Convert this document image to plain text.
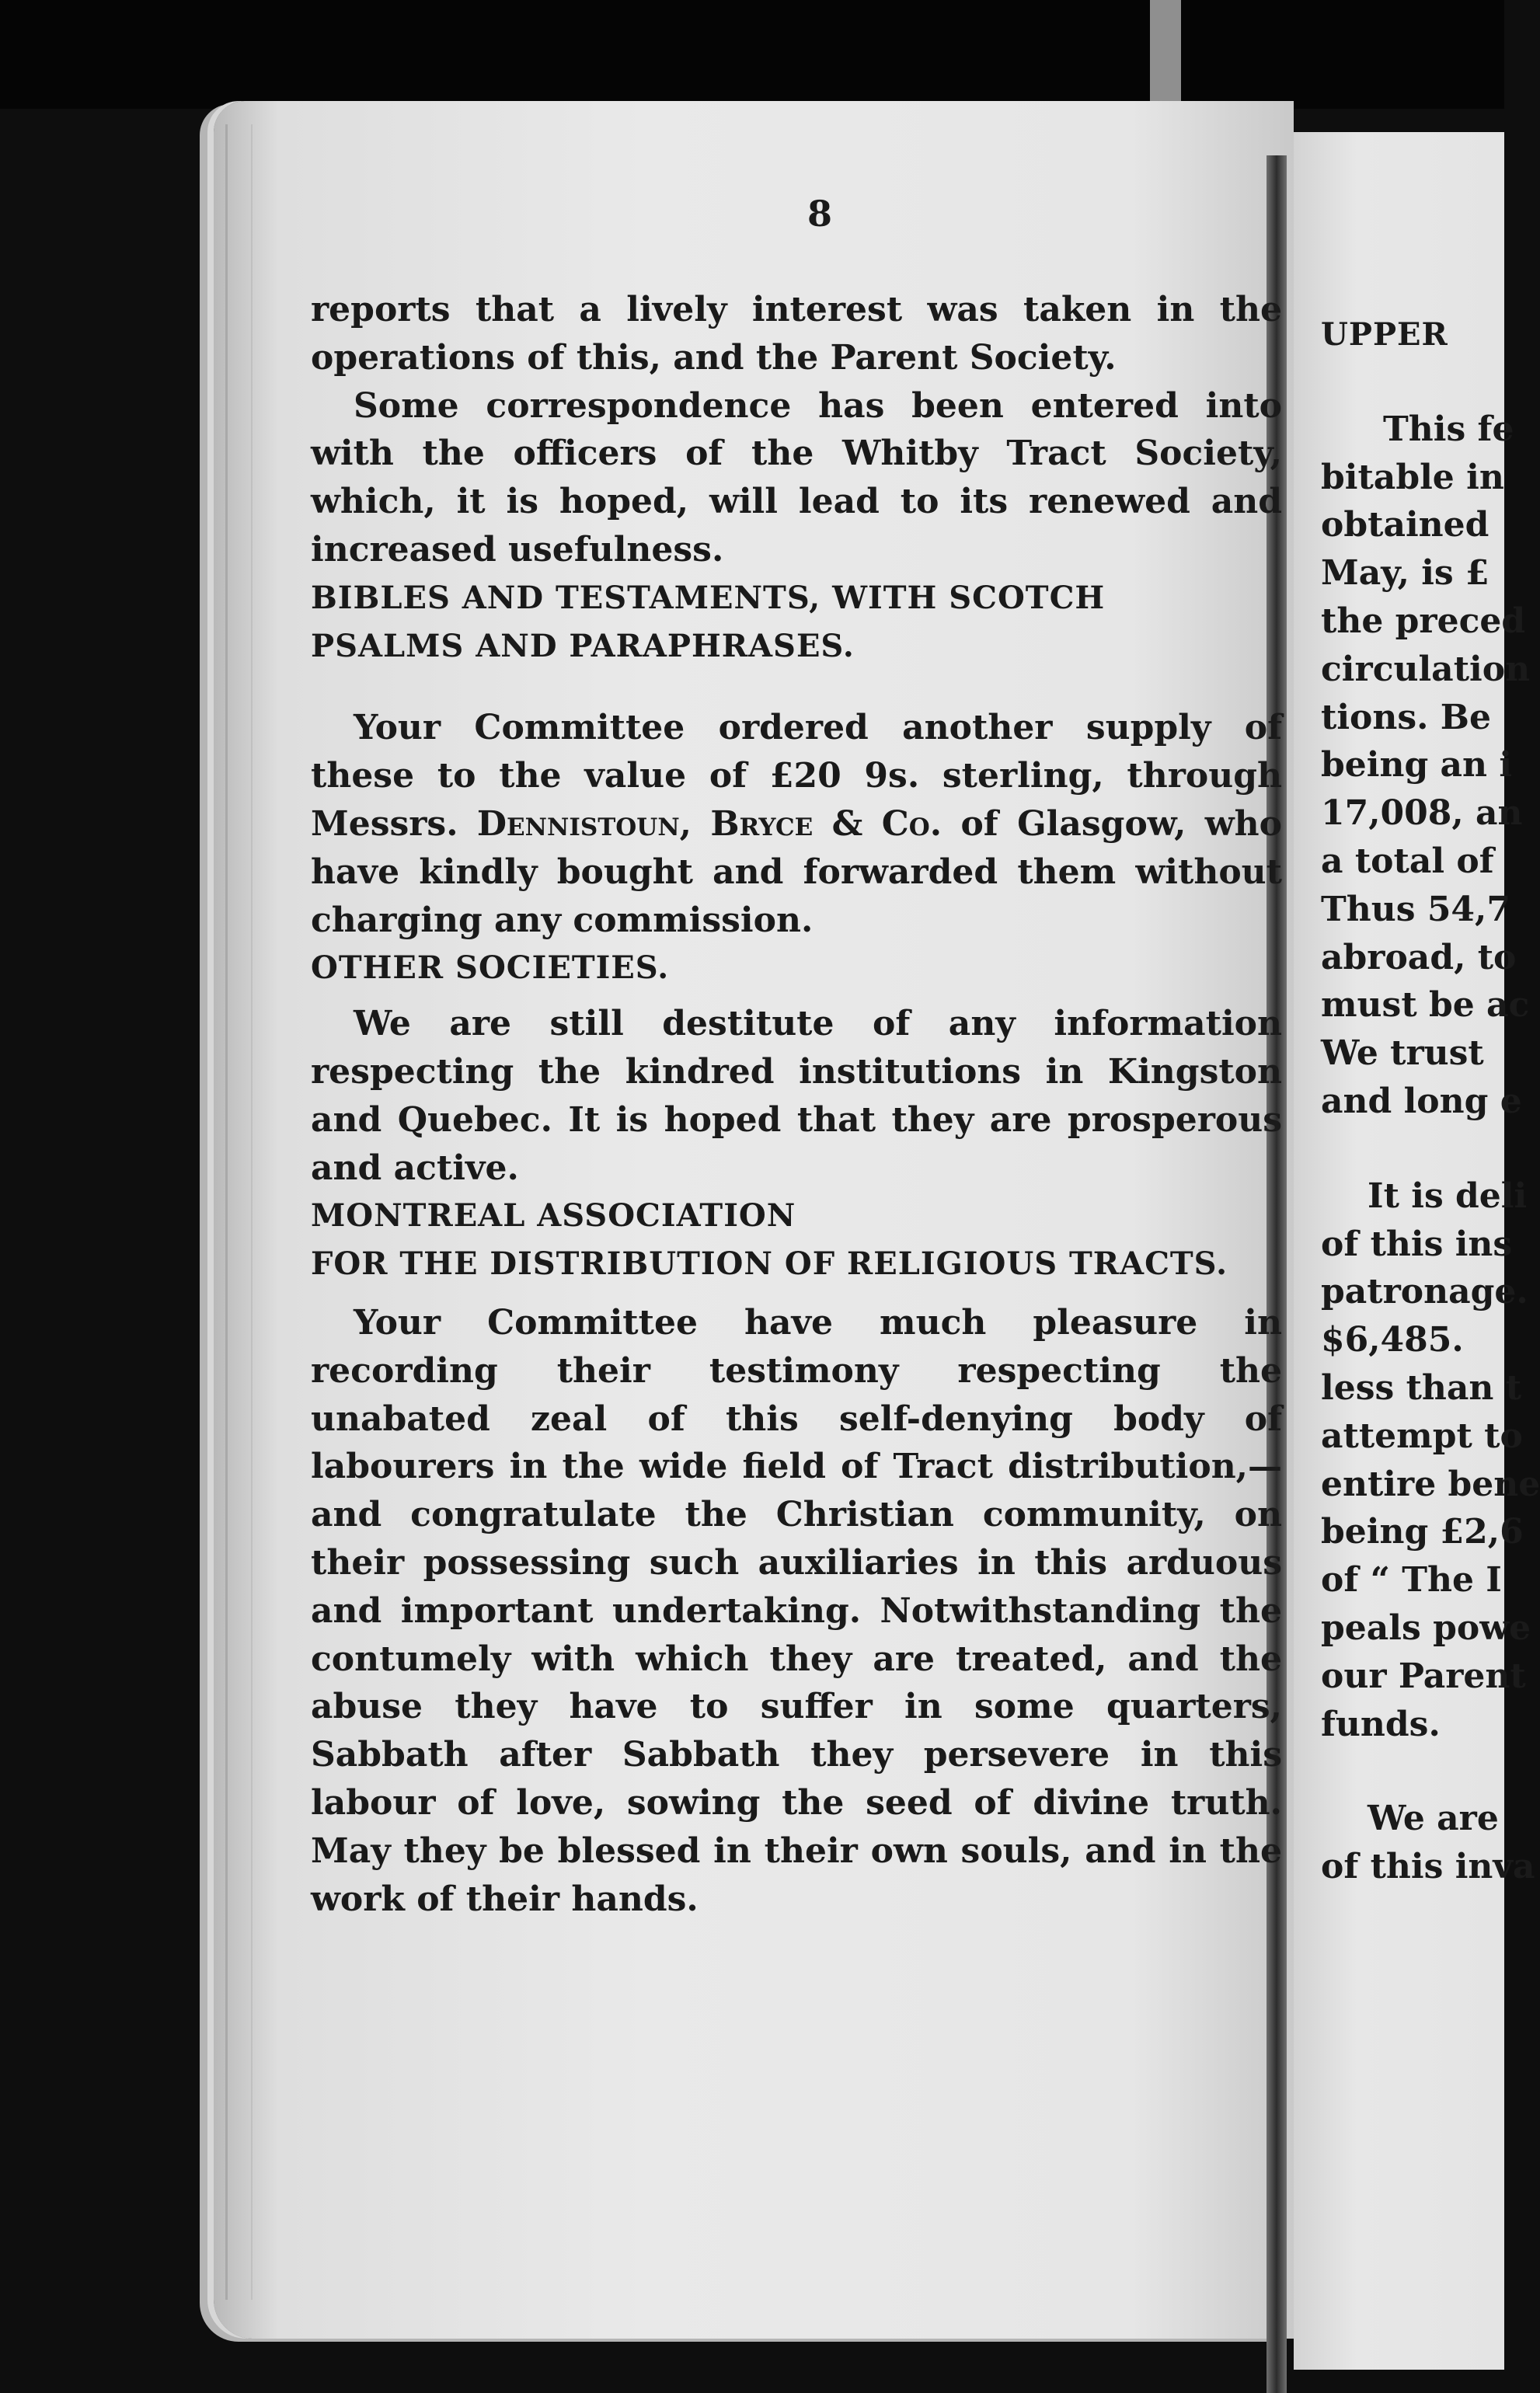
8

reports that a lively interest was taken in the operations of this, and the Parent Society.

Some correspondence has been entered into with the officers of the Whitby Tract Society, which, it is hoped, will lead to its renewed and increased usefulness.

BIBLES AND TESTAMENTS, WITH SCOTCH

PSALMS AND PARAPHRASES.

Your Committee ordered another supply of these to the value of £20 9s. sterling, through Messrs. Dennistoun, Bryce & Co. of Glasgow, who have kindly bought and forwarded them without charging any commission.

OTHER SOCIETIES.

We are still destitute of any information respecting the kindred institutions in Kingston and Quebec. It is hoped that they are prosperous and active.

MONTREAL ASSOCIATION

FOR THE DISTRIBUTION OF RELIGIOUS TRACTS.

Your Committee have much pleasure in recording their testimony respecting the unabated zeal of this self-denying body of labourers in the wide field of Tract distribution,—and congratulate the Christian community, on their possessing such auxiliaries in this arduous and important undertaking. Notwithstanding the contumely with which they are treated, and the abuse they have to suffer in some quarters, Sabbath after Sabbath they persevere in this labour of love, sowing the seed of divine truth. May they be blessed in their own souls, and in the work of their hands.

UPPER
This fe
bitable in
obtained
May, is £
the preced
circulation
tions. Be
being an i
17,008, an
a total of
Thus 54,7
abroad, to
must be ac
We trust
and long e
It is deli
of this ins
patronage.
$6,485.
less than t
attempt to
entire bene
being £2,6
of “ The I
peals powe
our Parent
funds.
We are
of this inva
